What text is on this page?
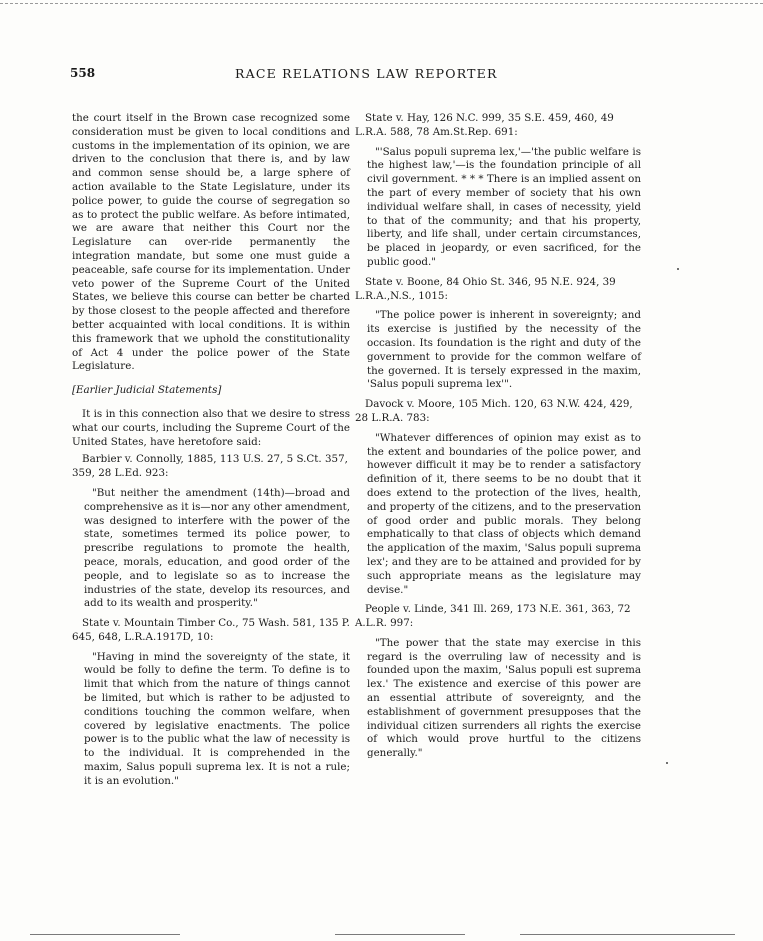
558	RACE RELATIONS LAW REPORTER

the court itself in the Brown case recognized some consideration must be given to local conditions and customs in the implementation of its opinion, we are driven to the conclusion that there is, and by law and common sense should be, a large sphere of action available to the State Legislature, under its police power, to guide the course of segregation so as to protect the public welfare. As before intimated, we are aware that neither this Court nor the Legislature can over-ride permanently the integration mandate, but some one must guide a peaceable, safe course for its implementation. Under veto power of the Supreme Court of the United States, we believe this course can better be charted by those closest to the people affected and therefore better acquainted with local conditions. It is within this framework that we uphold the constitutionality of Act 4 under the police power of the State Legislature.

[Earlier Judicial Statements]

It is in this connection also that we desire to stress what our courts, including the Supreme Court of the United States, have heretofore said:

Barbier v. Connolly, 1885, 113 U.S. 27, 5 S.Ct. 357, 359, 28 L.Ed. 923:

"But neither the amendment (14th)—broad and comprehensive as it is—nor any other amendment, was designed to interfere with the power of the state, sometimes termed its police power, to prescribe regulations to promote the health, peace, morals, education, and good order of the people, and to legislate so as to increase the industries of the state, develop its resources, and add to its wealth and prosperity."

State v. Mountain Timber Co., 75 Wash. 581, 135 P. 645, 648, L.R.A.1917D, 10:

"Having in mind the sovereignty of the state, it would be folly to define the term. To define is to limit that which from the nature of things cannot be limited, but which is rather to be adjusted to conditions touching the common welfare, when covered by legislative enactments. The police power is to the public what the law of necessity is to the individual. It is comprehended in the maxim, Salus populi suprema lex. It is not a rule; it is an evolution."

State v. Hay, 126 N.C. 999, 35 S.E. 459, 460, 49 L.R.A. 588, 78 Am.St.Rep. 691:

"'Salus populi suprema lex,'—'the public welfare is the highest law,'—is the foundation principle of all civil government. * * * There is an implied assent on the part of every member of society that his own individual welfare shall, in cases of necessity, yield to that of the community; and that his property, liberty, and life shall, under certain circumstances, be placed in jeopardy, or even sacrificed, for the public good."

State v. Boone, 84 Ohio St. 346, 95 N.E. 924, 39 L.R.A.,N.S., 1015:

"The police power is inherent in sovereignty; and its exercise is justified by the necessity of the occasion. Its foundation is the right and duty of the government to provide for the common welfare of the governed. It is tersely expressed in the maxim, 'Salus populi suprema lex'".

Davock v. Moore, 105 Mich. 120, 63 N.W. 424, 429, 28 L.R.A. 783:

"Whatever differences of opinion may exist as to the extent and boundaries of the police power, and however difficult it may be to render a satisfactory definition of it, there seems to be no doubt that it does extend to the protection of the lives, health, and property of the citizens, and to the preservation of good order and public morals. They belong emphatically to that class of objects which demand the application of the maxim, 'Salus populi suprema lex'; and they are to be attained and provided for by such appropriate means as the legislature may devise."

People v. Linde, 341 Ill. 269, 173 N.E. 361, 363, 72 A.L.R. 997:

"The power that the state may exercise in this regard is the overruling law of necessity and is founded upon the maxim, 'Salus populi est suprema lex.' The existence and exercise of this power are an essential attribute of sovereignty, and the establishment of government presupposes that the individual citizen surrenders all rights the exercise of which would prove hurtful to the citizens generally."
